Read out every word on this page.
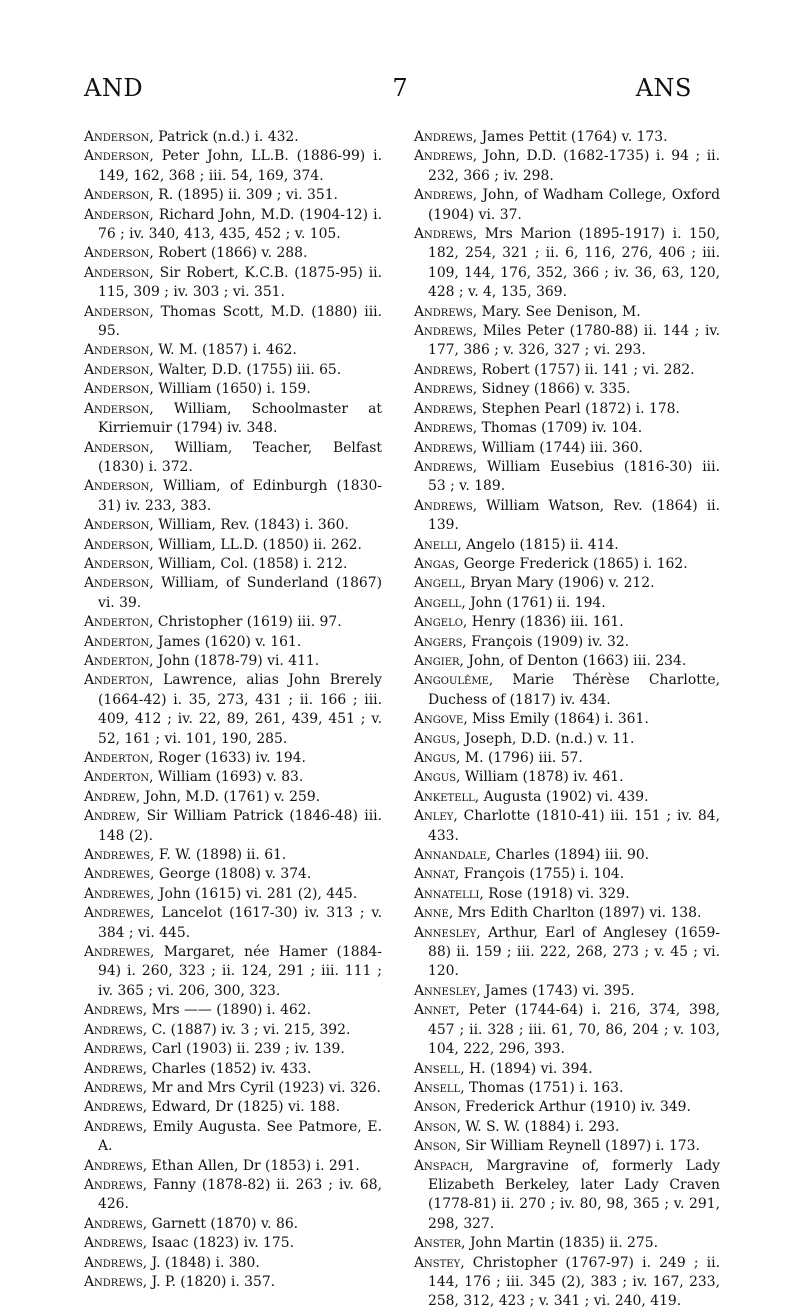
AND	7	ANS

Anderson, Patrick (n.d.) i. 432.

Anderson, Peter John, LL.B. (1886-99) i. 149, 162, 368 ; iii. 54, 169, 374.

Anderson, R. (1895) ii. 309 ; vi. 351.

Anderson, Richard John, M.D. (1904-12) i. 76 ; iv. 340, 413, 435, 452 ; v. 105.

Anderson, Robert (1866) v. 288.

Anderson, Sir Robert, K.C.B. (1875-95) ii. 115, 309 ; iv. 303 ; vi. 351.

Anderson, Thomas Scott, M.D. (1880) iii. 95.

Anderson, W. M. (1857) i. 462.

Anderson, Walter, D.D. (1755) iii. 65.

Anderson, William (1650) i. 159.

Anderson, William, Schoolmaster at Kirriemuir (1794) iv. 348.

Anderson, William, Teacher, Belfast (1830) i. 372.

Anderson, William, of Edinburgh (1830-31) iv. 233, 383.

Anderson, William, Rev. (1843) i. 360.

Anderson, William, LL.D. (1850) ii. 262.

Anderson, William, Col. (1858) i. 212.

Anderson, William, of Sunderland (1867) vi. 39.

Anderton, Christopher (1619) iii. 97.

Anderton, James (1620) v. 161.

Anderton, John (1878-79) vi. 411.

Anderton, Lawrence, alias John Brerely (1664-42) i. 35, 273, 431 ; ii. 166 ; iii. 409, 412 ; iv. 22, 89, 261, 439, 451 ; v. 52, 161 ; vi. 101, 190, 285.

Anderton, Roger (1633) iv. 194.

Anderton, William (1693) v. 83.

Andrew, John, M.D. (1761) v. 259.

Andrew, Sir William Patrick (1846-48) iii. 148 (2).

Andrewes, F. W. (1898) ii. 61.

Andrewes, George (1808) v. 374.

Andrewes, John (1615) vi. 281 (2), 445.

Andrewes, Lancelot (1617-30) iv. 313 ; v. 384 ; vi. 445.

Andrewes, Margaret, née Hamer (1884-94) i. 260, 323 ; ii. 124, 291 ; iii. 111 ; iv. 365 ; vi. 206, 300, 323.

Andrews, Mrs —— (1890) i. 462.

Andrews, C. (1887) iv. 3 ; vi. 215, 392.

Andrews, Carl (1903) ii. 239 ; iv. 139.

Andrews, Charles (1852) iv. 433.

Andrews, Mr and Mrs Cyril (1923) vi. 326.

Andrews, Edward, Dr (1825) vi. 188.

Andrews, Emily Augusta. See Patmore, E. A.

Andrews, Ethan Allen, Dr (1853) i. 291.

Andrews, Fanny (1878-82) ii. 263 ; iv. 68, 426.

Andrews, Garnett (1870) v. 86.

Andrews, Isaac (1823) iv. 175.

Andrews, J. (1848) i. 380.

Andrews, J. P. (1820) i. 357.

Andrews, James Pettit (1764) v. 173.

Andrews, John, D.D. (1682-1735) i. 94 ; ii. 232, 366 ; iv. 298.

Andrews, John, of Wadham College, Oxford (1904) vi. 37.

Andrews, Mrs Marion (1895-1917) i. 150, 182, 254, 321 ; ii. 6, 116, 276, 406 ; iii. 109, 144, 176, 352, 366 ; iv. 36, 63, 120, 428 ; v. 4, 135, 369.

Andrews, Mary. See Denison, M.

Andrews, Miles Peter (1780-88) ii. 144 ; iv. 177, 386 ; v. 326, 327 ; vi. 293.

Andrews, Robert (1757) ii. 141 ; vi. 282.

Andrews, Sidney (1866) v. 335.

Andrews, Stephen Pearl (1872) i. 178.

Andrews, Thomas (1709) iv. 104.

Andrews, William (1744) iii. 360.

Andrews, William Eusebius (1816-30) iii. 53 ; v. 189.

Andrews, William Watson, Rev. (1864) ii. 139.

Anelli, Angelo (1815) ii. 414.

Angas, George Frederick (1865) i. 162.

Angell, Bryan Mary (1906) v. 212.

Angell, John (1761) ii. 194.

Angelo, Henry (1836) iii. 161.

Angers, François (1909) iv. 32.

Angier, John, of Denton (1663) iii. 234.

Angoulême, Marie Thérèse Charlotte, Duchess of (1817) iv. 434.

Angove, Miss Emily (1864) i. 361.

Angus, Joseph, D.D. (n.d.) v. 11.

Angus, M. (1796) iii. 57.

Angus, William (1878) iv. 461.

Anketell, Augusta (1902) vi. 439.

Anley, Charlotte (1810-41) iii. 151 ; iv. 84, 433.

Annandale, Charles (1894) iii. 90.

Annat, François (1755) i. 104.

Annatelli, Rose (1918) vi. 329.

Anne, Mrs Edith Charlton (1897) vi. 138.

Annesley, Arthur, Earl of Anglesey (1659-88) ii. 159 ; iii. 222, 268, 273 ; v. 45 ; vi. 120.

Annesley, James (1743) vi. 395.

Annet, Peter (1744-64) i. 216, 374, 398, 457 ; ii. 328 ; iii. 61, 70, 86, 204 ; v. 103, 104, 222, 296, 393.

Ansell, H. (1894) vi. 394.

Ansell, Thomas (1751) i. 163.

Anson, Frederick Arthur (1910) iv. 349.

Anson, W. S. W. (1884) i. 293.

Anson, Sir William Reynell (1897) i. 173.

Anspach, Margravine of, formerly Lady Elizabeth Berkeley, later Lady Craven (1778-81) ii. 270 ; iv. 80, 98, 365 ; v. 291, 298, 327.

Anster, John Martin (1835) ii. 275.

Anstey, Christopher (1767-97) i. 249 ; ii. 144, 176 ; iii. 345 (2), 383 ; iv. 167, 233, 258, 312, 423 ; v. 341 ; vi. 240, 419.
